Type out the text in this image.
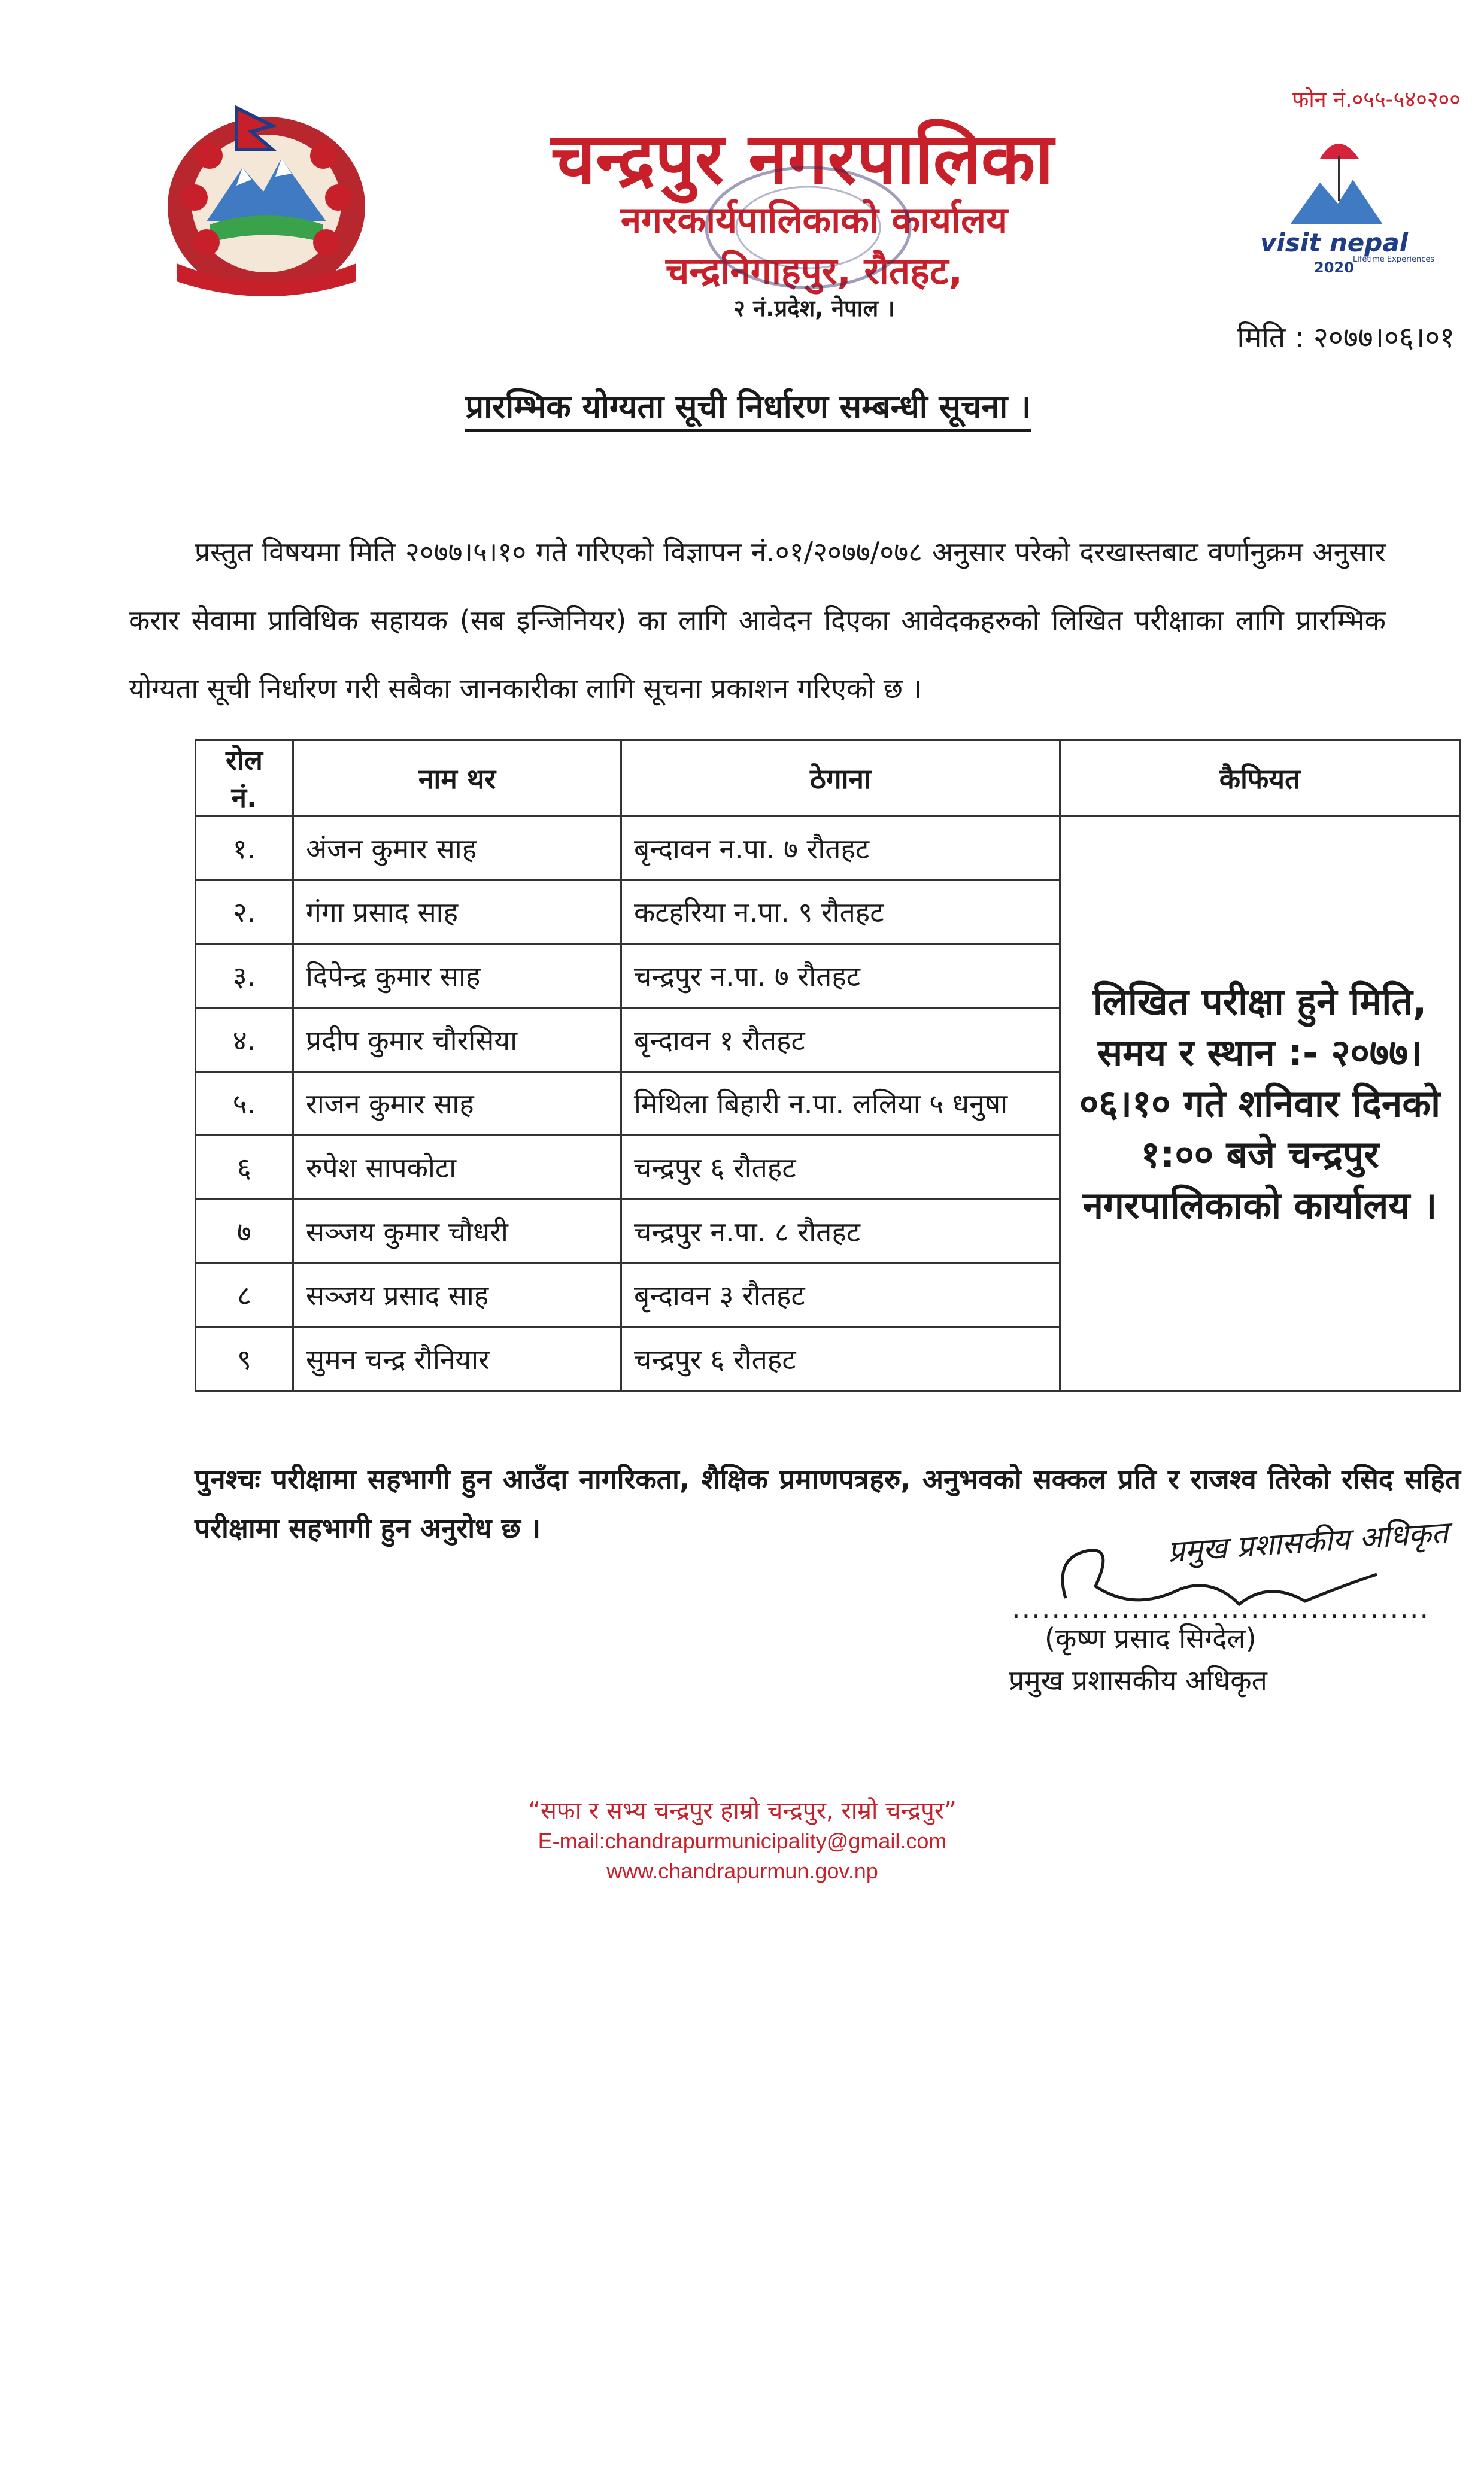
चन्द्रपुर नगरपालिका
नगरकार्यपालिकाको कार्यालय
चन्द्रनिगाहपुर, रौतहट,
२ नं.प्रदेश, नेपाल ।
फोन नं.०५५-५४०२००
visit nepal
Lifetime Experiences
2020
मिति : २०७७।०६।०१
प्रारम्भिक योग्यता सूची निर्धारण सम्बन्धी सूचना ।
प्रस्तुत विषयमा मिति २०७७।५।१० गते गरिएको विज्ञापन नं.०१/२०७७/०७८ अनुसार परेको दरखास्तबाट वर्णानुक्रम अनुसार करार सेवामा प्राविधिक सहायक (सब इन्जिनियर) का लागि आवेदन दिएका आवेदकहरुको लिखित परीक्षाका लागि प्रारम्भिक योग्यता सूची निर्धारण गरी सबैका जानकारीका लागि सूचना प्रकाशन गरिएको छ ।
रोल नं.	नाम थर	ठेगाना	कैफियत
१.	अंजन कुमार साह	बृन्दावन न.पा. ७ रौतहट	लिखित परीक्षा हुने मिति, समय र स्थान :- २०७७।०६।१० गते शनिवार दिनको १:०० बजे चन्द्रपुर नगरपालिकाको कार्यालय ।
२.	गंगा प्रसाद साह	कटहरिया न.पा. ९ रौतहट	
३.	दिपेन्द्र कुमार साह	चन्द्रपुर न.पा. ७ रौतहट	
४.	प्रदीप कुमार चौरसिया	बृन्दावन १ रौतहट	
५.	राजन कुमार साह	मिथिला बिहारी न.पा. ललिया ५ धनुषा	
६	रुपेश सापकोटा	चन्द्रपुर ६ रौतहट	
७	सञ्जय कुमार चौधरी	चन्द्रपुर न.पा. ८ रौतहट	
८	सञ्जय प्रसाद साह	बृन्दावन ३ रौतहट	
९	सुमन चन्द्र रौनियार	चन्द्रपुर ६ रौतहट	
पुनश्चः परीक्षामा सहभागी हुन आउँदा नागरिकता, शैक्षिक प्रमाणपत्रहरु, अनुभवको सक्कल प्रति र राजश्व तिरेको रसिद सहित परीक्षामा सहभागी हुन अनुरोध छ ।	प्रमुख प्रशासकीय अधिकृत
..........................................
(कृष्ण प्रसाद सिग्देल)
प्रमुख प्रशासकीय अधिकृत
“सफा र सभ्य चन्द्रपुर हाम्रो चन्द्रपुर, राम्रो चन्द्रपुर”
E-mail:chandrapurmunicipality@gmail.com
www.chandrapurmun.gov.np
